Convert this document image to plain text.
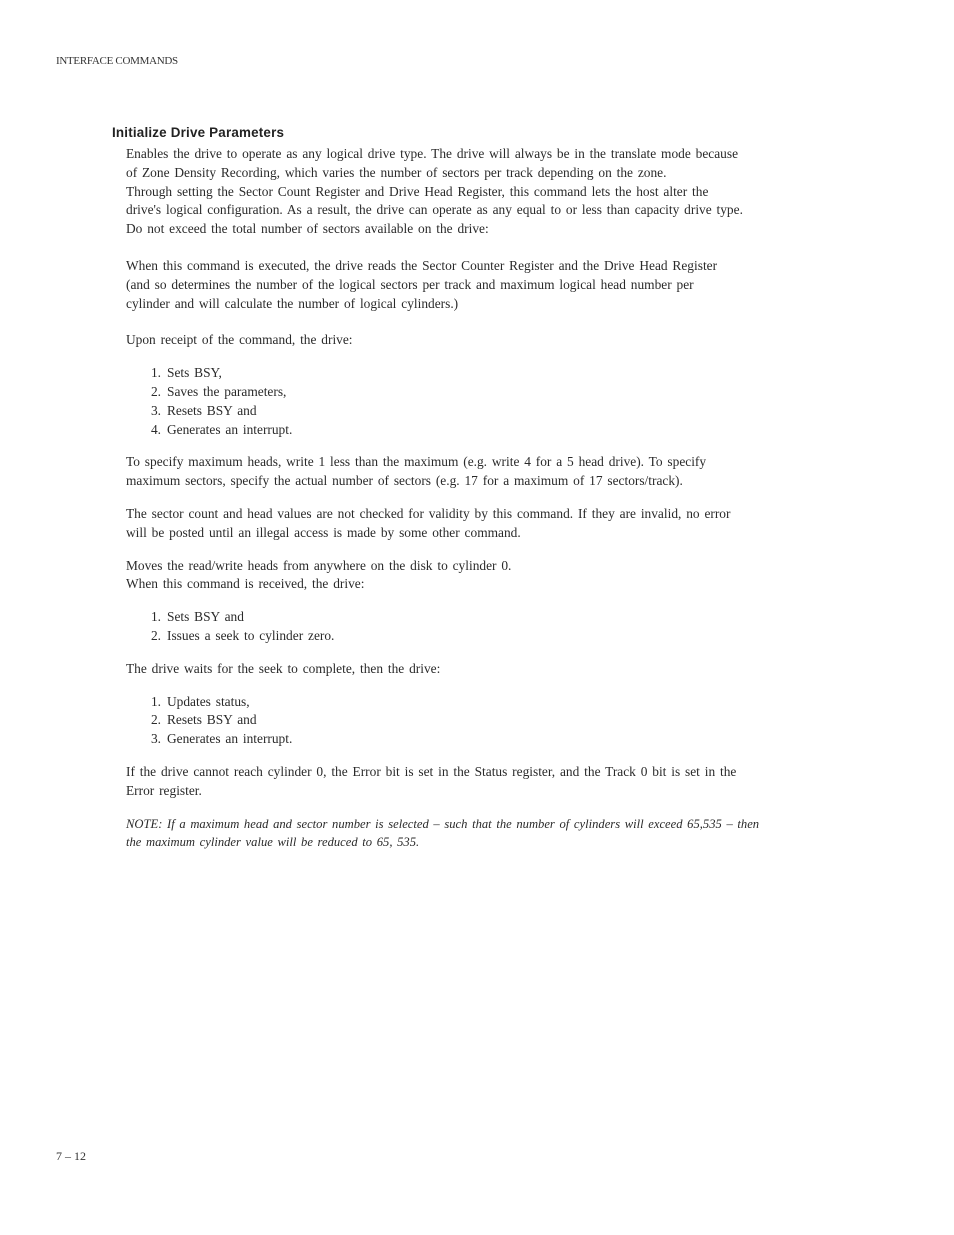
INTERFACE COMMANDS
Initialize Drive Parameters

Enables the drive to operate as any logical drive type. The drive will always be in the translate mode because
of Zone Density Recording, which varies the number of sectors per track depending on the zone.
Through setting the Sector Count Register and Drive Head Register, this command lets the host alter the
drive's logical configuration. As a result, the drive can operate as any equal to or less than capacity drive type.
Do not exceed the total number of sectors available on the drive:

When this command is executed, the drive reads the Sector Counter Register and the Drive Head Register
(and so determines the number of the logical sectors per track and maximum logical head number per
cylinder and will calculate the number of logical cylinders.)

Upon receipt of the command, the drive:

1. Sets BSY,
2. Saves the parameters,
3. Resets BSY and
4. Generates an interrupt.

To specify maximum heads, write 1 less than the maximum (e.g. write 4 for a 5 head drive). To specify
maximum sectors, specify the actual number of sectors (e.g. 17 for a maximum of 17 sectors/track).

The sector count and head values are not checked for validity by this command. If they are invalid, no error
will be posted until an illegal access is made by some other command.

Moves the read/write heads from anywhere on the disk to cylinder 0.
When this command is received, the drive:

1. Sets BSY and
2. Issues a seek to cylinder zero.

The drive waits for the seek to complete, then the drive:

1. Updates status,
2. Resets BSY and
3. Generates an interrupt.

If the drive cannot reach cylinder 0, the Error bit is set in the Status register, and the Track 0 bit is set in the
Error register.

NOTE: If a maximum head and sector number is selected – such that the number of cylinders will exceed 65,535 – then
the maximum cylinder value will be reduced to 65, 535.

7 – 12
